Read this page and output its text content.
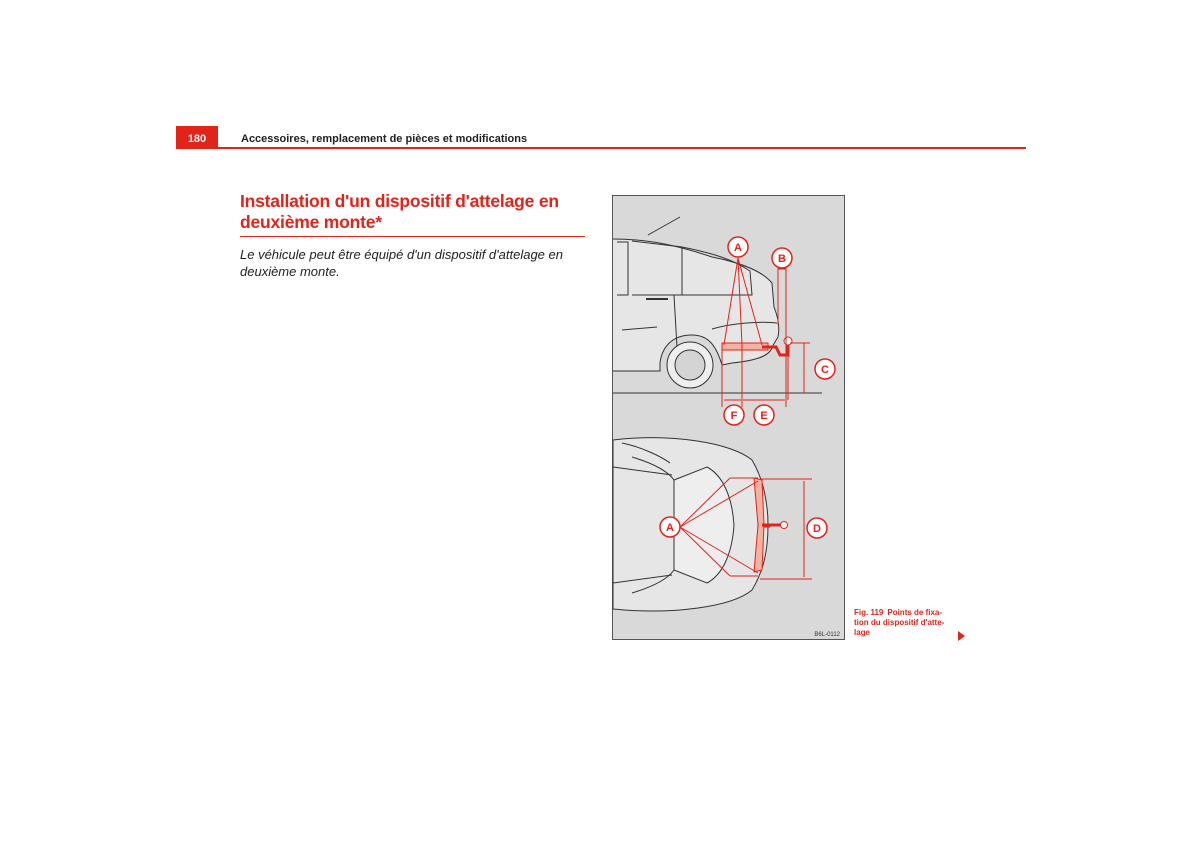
180	Accessoires, remplacement de pièces et modifications
Installation d'un dispositif d'attelage en deuxième monte*

Le véhicule peut être équipé d'un dispositif d'attelage en deuxième monte.

A
B
C
F E
A	D
B6L-0112
Fig. 119 Points de fixa-tion du dispositif d'atte-lage
